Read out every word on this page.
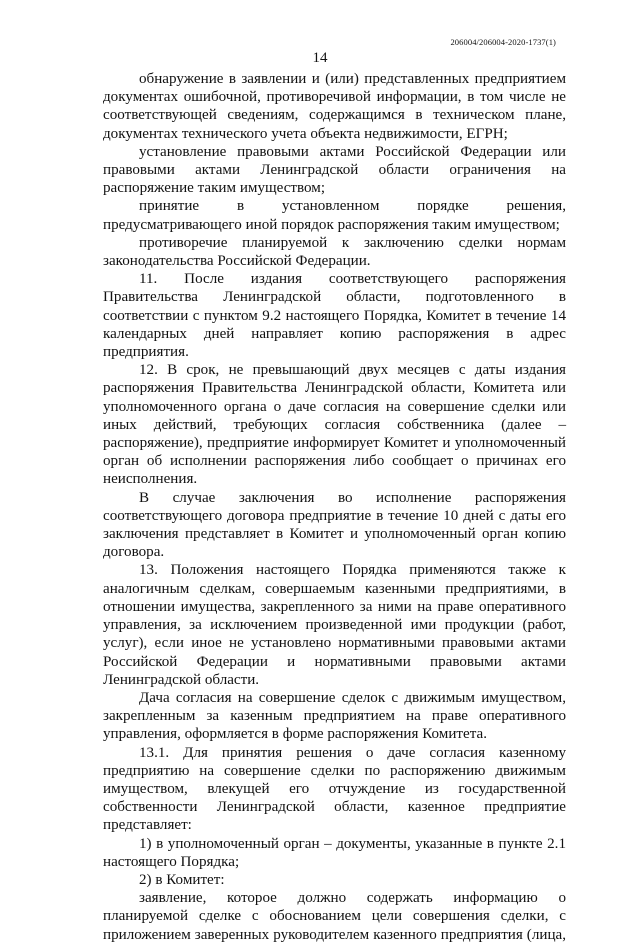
206004/206004-2020-1737(1)
14

обнаружение в заявлении и (или) представленных предприятием документах ошибочной, противоречивой информации, в том числе не соответствующей сведениям, содержащимся в техническом плане, документах технического учета объекта недвижимости, ЕГРН;

установление правовыми актами Российской Федерации или правовыми актами Ленинградской области ограничения на распоряжение таким имуществом;

принятие в установленном порядке решения, предусматривающего иной порядок распоряжения таким имуществом;

противоречие планируемой к заключению сделки нормам законодательства Российской Федерации.

11. После издания соответствующего распоряжения Правительства Ленинградской области, подготовленного в соответствии с пунктом 9.2 настоящего Порядка, Комитет в течение 14 календарных дней направляет копию распоряжения в адрес предприятия.

12. В срок, не превышающий двух месяцев с даты издания распоряжения Правительства Ленинградской области, Комитета или уполномоченного органа о даче согласия на совершение сделки или иных действий, требующих согласия собственника (далее – распоряжение), предприятие информирует Комитет и уполномоченный орган об исполнении распоряжения либо сообщает о причинах его неисполнения.

В случае заключения во исполнение распоряжения соответствующего договора предприятие в течение 10 дней с даты его заключения представляет в Комитет и уполномоченный орган копию договора.

13. Положения настоящего Порядка применяются также к аналогичным сделкам, совершаемым казенными предприятиями, в отношении имущества, закрепленного за ними на праве оперативного управления, за исключением произведенной ими продукции (работ, услуг), если иное не установлено нормативными правовыми актами Российской Федерации и нормативными правовыми актами Ленинградской области.

Дача согласия на совершение сделок с движимым имуществом, закрепленным за казенным предприятием на праве оперативного управления, оформляется в форме распоряжения Комитета.

13.1. Для принятия решения о даче согласия казенному предприятию на совершение сделки по распоряжению движимым имуществом, влекущей его отчуждение из государственной собственности Ленинградской области, казенное предприятие представляет:

1) в уполномоченный орган – документы, указанные в пункте 2.1 настоящего Порядка;

2) в Комитет:

заявление, которое должно содержать информацию о планируемой сделке с обоснованием цели совершения сделки, с приложением заверенных руководителем казенного предприятия (лица,
